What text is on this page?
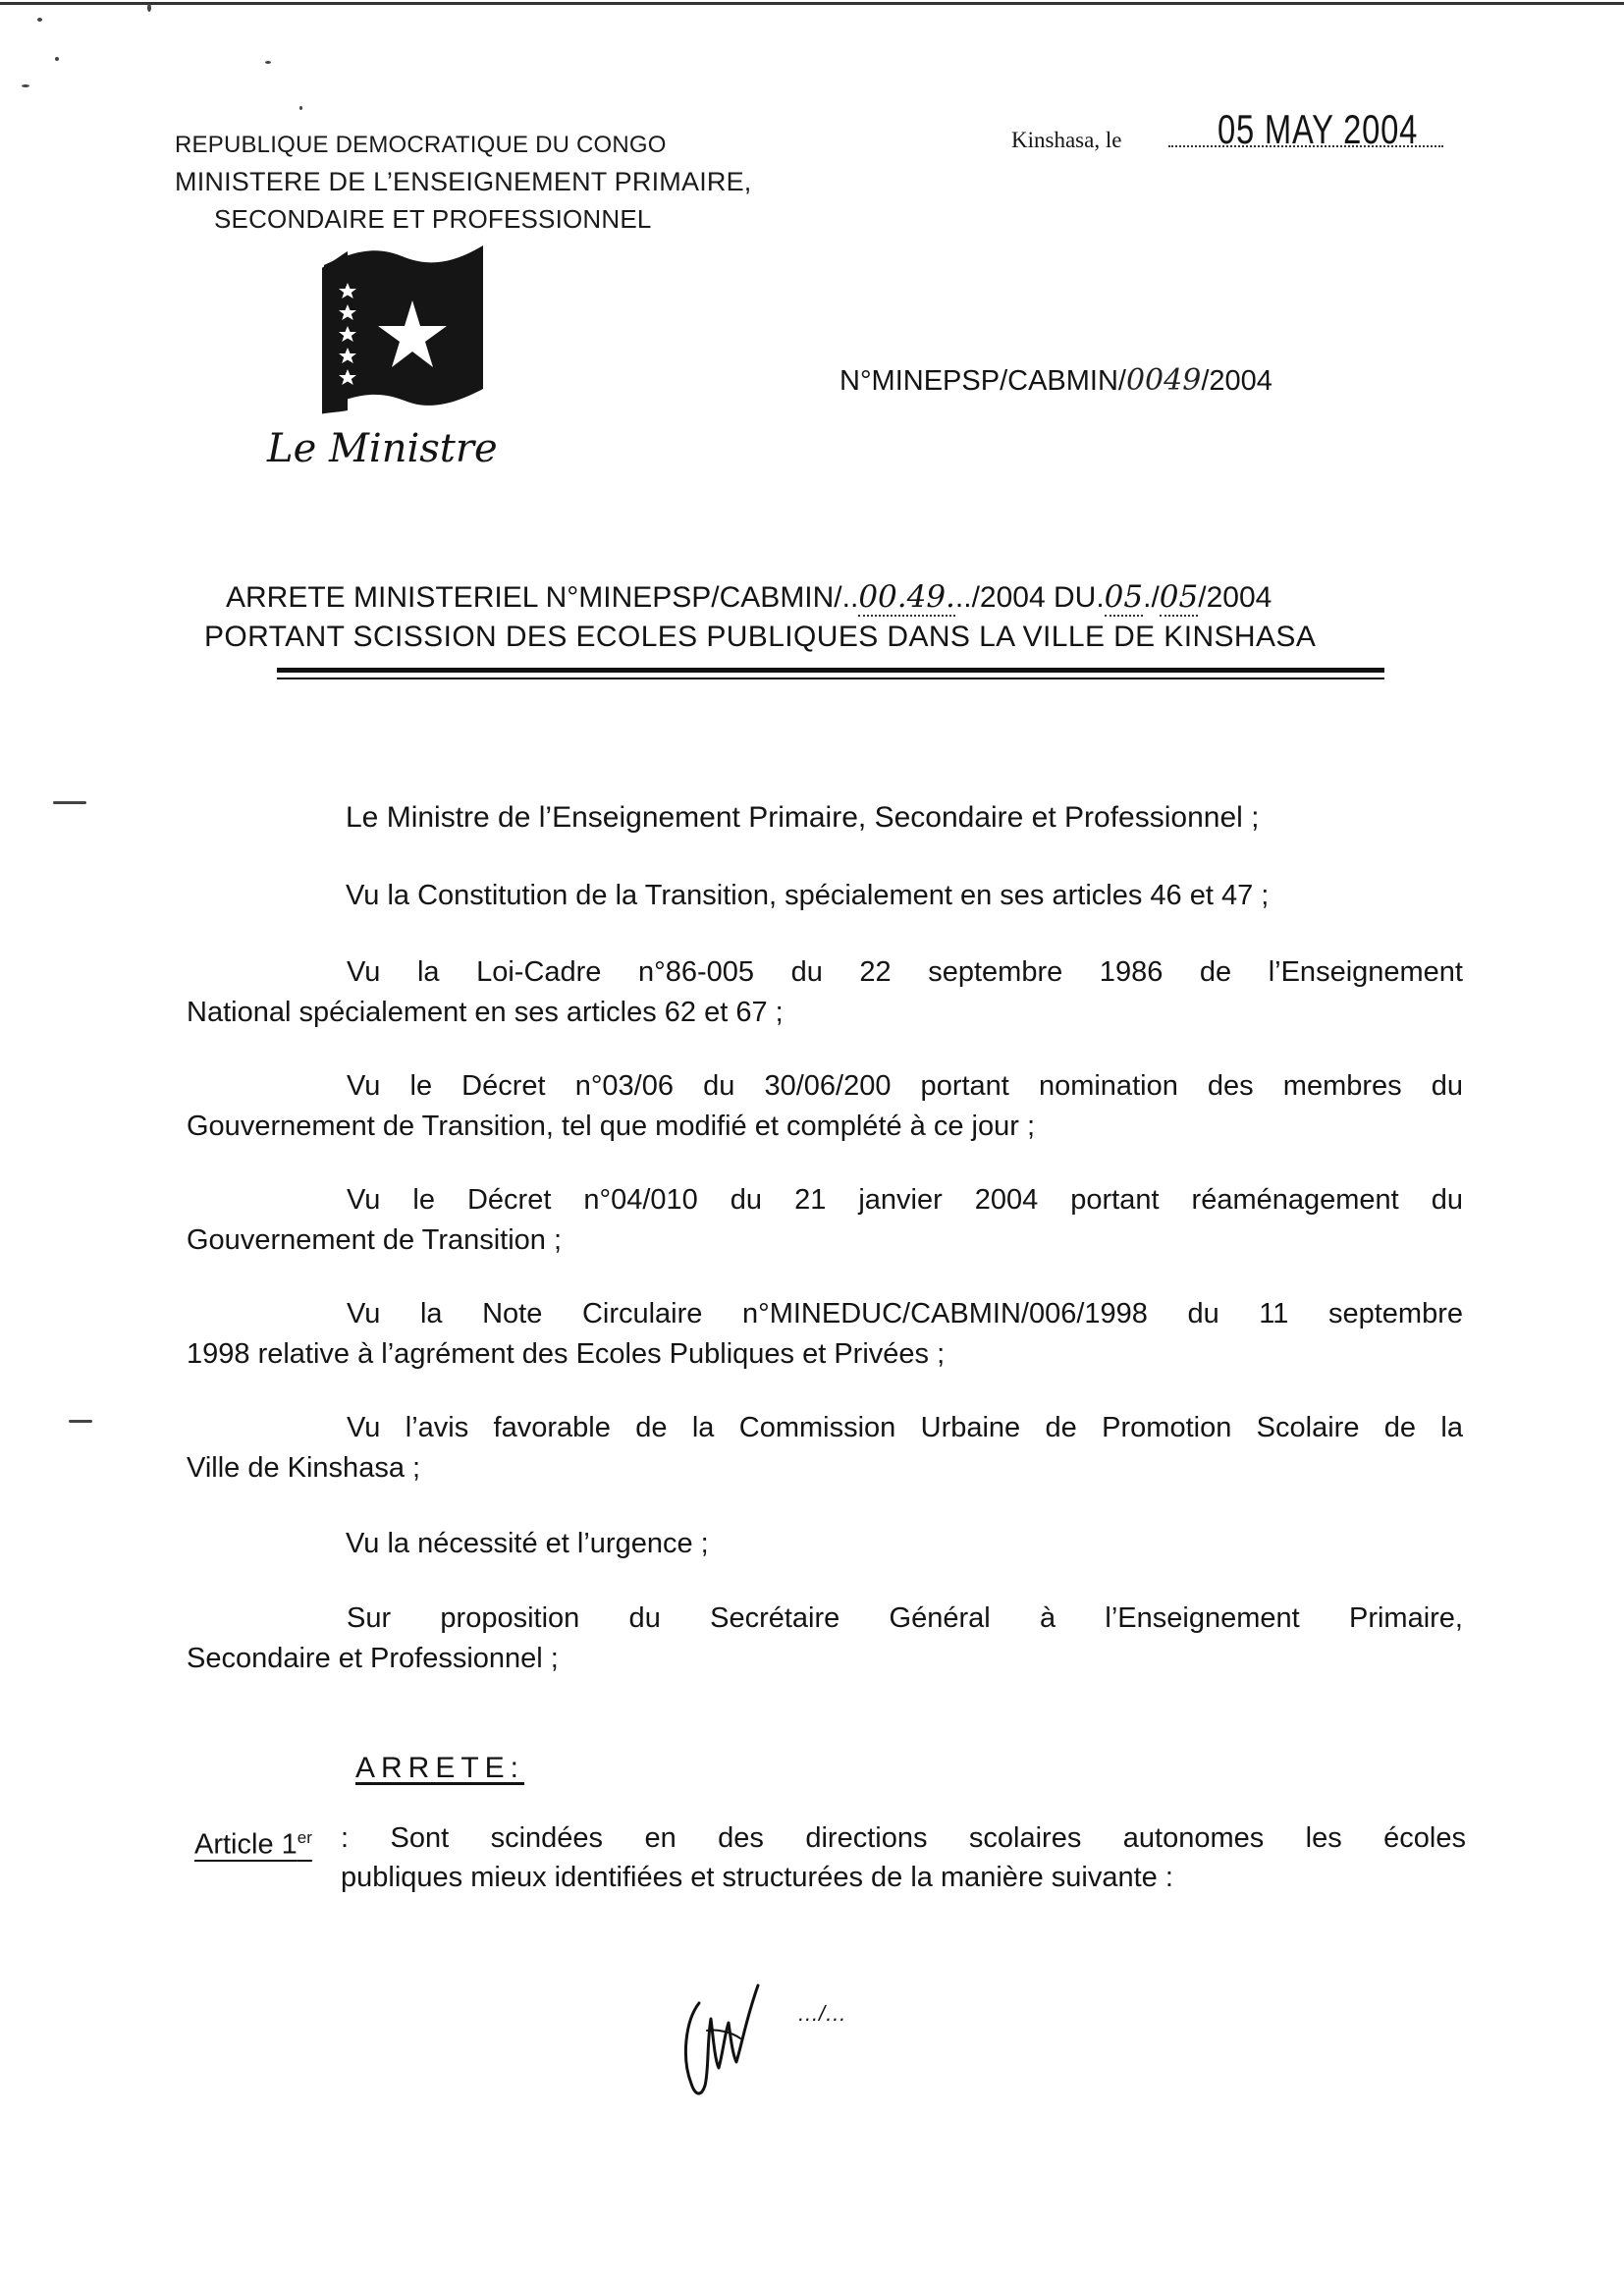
REPUBLIQUE DEMOCRATIQUE DU CONGO
MINISTERE DE L’ENSEIGNEMENT PRIMAIRE,
SECONDAIRE ET PROFESSIONNEL
Kinshasa, le 05 MAY 2004
Le Ministre
N°MINEPSP/CABMIN/0049/2004
ARRETE MINISTERIEL N°MINEPSP/CABMIN/..00.49.../2004 DU.05./05/2004
PORTANT SCISSION DES ECOLES PUBLIQUES DANS LA VILLE DE KINSHASA
Le Ministre de l’Enseignement Primaire, Secondaire et Professionnel ;
Vu la Constitution de la Transition, spécialement en ses articles 46 et 47 ;
Vu la Loi-Cadre n°86-005 du 22 septembre 1986 de l’Enseignement
National spécialement en ses articles 62 et 67 ;
Vu le Décret n°03/06 du 30/06/200 portant nomination des membres du
Gouvernement de Transition, tel que modifié et complété à ce jour ;
Vu le Décret n°04/010 du 21 janvier 2004 portant réaménagement du
Gouvernement de Transition ;
Vu la Note Circulaire n°MINEDUC/CABMIN/006/1998 du 11 septembre
1998 relative à l’agrément des Ecoles Publiques et Privées ;
Vu l’avis favorable de la Commission Urbaine de Promotion Scolaire de la
Ville de Kinshasa ;
Vu la nécessité et l’urgence ;
Sur proposition du Secrétaire Général à l’Enseignement Primaire,
Secondaire et Professionnel ;
ARRETE:
Article 1er : Sont scindées en des directions scolaires autonomes les écoles
publiques mieux identifiées et structurées de la manière suivante :
…/…
